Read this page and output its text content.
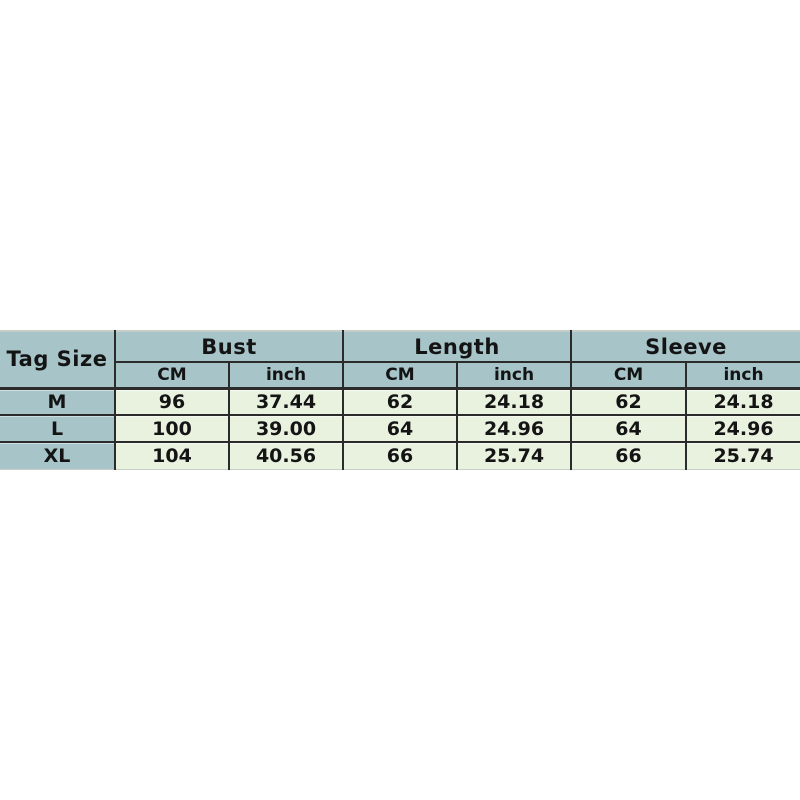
Tag Size	Bust		Length		Sleeve	
	CM	inch	CM	inch	CM	inch
M	96	37.44	62	24.18	62	24.18
L	100	39.00	64	24.96	64	24.96
XL	104	40.56	66	25.74	66	25.74
